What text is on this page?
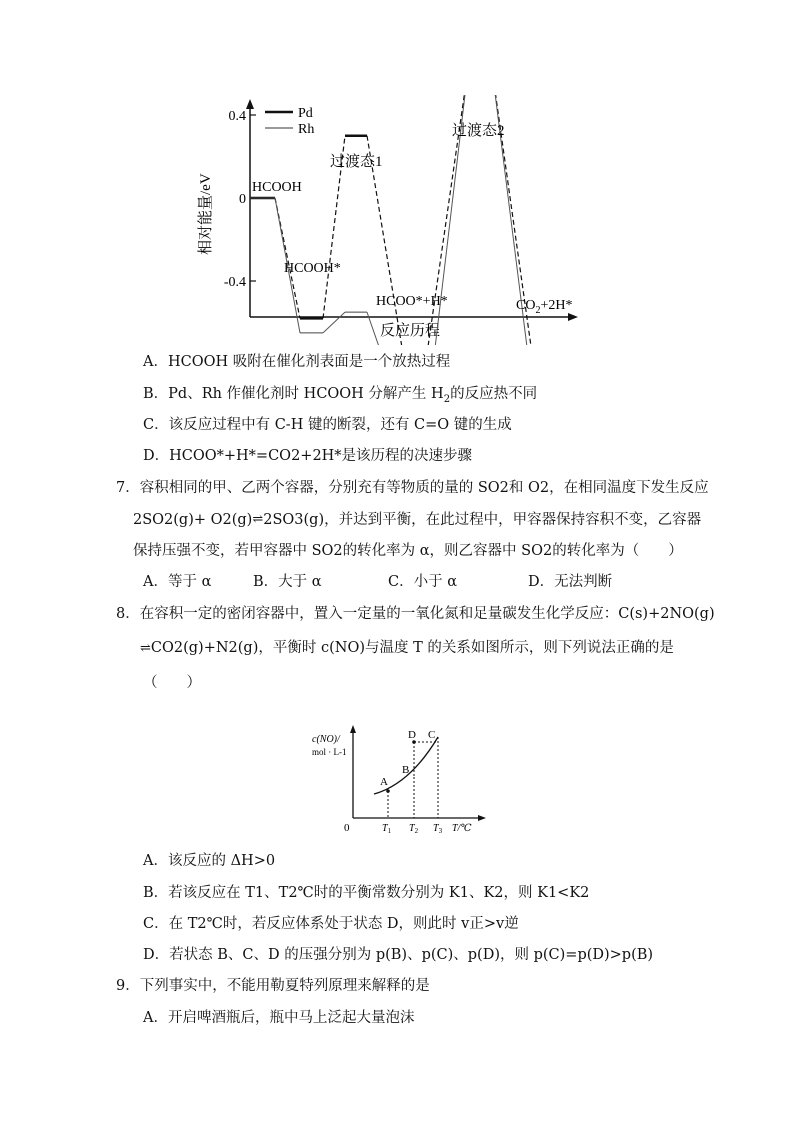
0.4
0
-0.4
相对能量/eV
反应历程
Pd
Rh
HCOOH
HCOOH*
过渡态1
过渡态2
HCOO*+H*	$CO_2+2H*$
A．HCOOH 吸附在催化剂表面是一个放热过程
B．Pd、Rh 作催化剂时 HCOOH 分解产生 $H_2$的反应热不同
C．该反应过程中有 C-H 键的断裂，还有 C=O 键的生成
D．HCOO*+H*=CO2+2H*是该历程的决速步骤
7．容积相同的甲、乙两个容器，分别充有等物质的量的 SO2和 O2，在相同温度下发生反应
2SO2(g)+ O2(g)⇌2SO3(g)，并达到平衡，在此过程中，甲容器保持容积不变，乙容器
保持压强不变，若甲容器中 SO2的转化率为 α，则乙容器中 SO2的转化率为（　　）
A．等于 α	B．大于 α	C．小于 α	D．无法判断
8．在容积一定的密闭容器中，置入一定量的一氧化氮和足量碳发生化学反应：C(s)+2NO(g)
⇌CO2(g)+N2(g)，平衡时 c(NO)与温度 T 的关系如图所示，则下列说法正确的是
（　　）
c(NO)/
mol · L-1
0
A
B
C
D
$T_1$ $T_2$ $T_3$ T/℃
A．该反应的 ΔH>0
B．若该反应在 T1、T2℃时的平衡常数分别为 K1、K2，则 K1<K2
C．在 T2℃时，若反应体系处于状态 D，则此时 v正>v逆
D．若状态 B、C、D 的压强分别为 p(B)、p(C)、p(D)，则 p(C)=p(D)>p(B)
9．下列事实中，不能用勒夏特列原理来解释的是
A．开启啤酒瓶后，瓶中马上泛起大量泡沫
